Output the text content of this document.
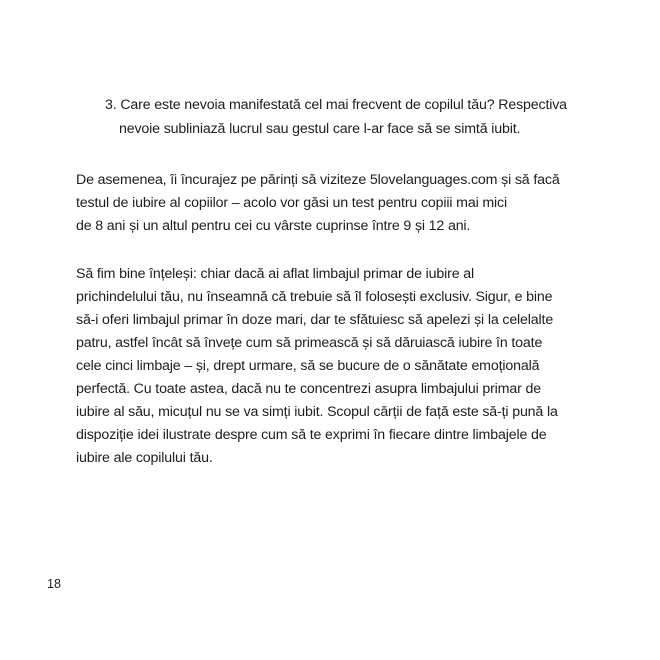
3. Care este nevoia manifestată cel mai frecvent de copilul tău? Respectiva
nevoie subliniază lucrul sau gestul care l-ar face să se simtă iubit.
De asemenea, îi încurajez pe părinți să viziteze 5lovelanguages.com și să facă
testul de iubire al copiilor – acolo vor găsi un test pentru copiii mai mici
de 8 ani și un altul pentru cei cu vârste cuprinse între 9 și 12 ani.
Să fim bine înțeleși: chiar dacă ai aflat limbajul primar de iubire al
prichindelului tău, nu înseamnă că trebuie să îl folosești exclusiv. Sigur, e bine
să-i oferi limbajul primar în doze mari, dar te sfătuiesc să apelezi și la celelalte
patru, astfel încât să învețe cum să primească și să dăruiască iubire în toate
cele cinci limbaje – și, drept urmare, să se bucure de o sănătate emoțională
perfectă. Cu toate astea, dacă nu te concentrezi asupra limbajului primar de
iubire al său, micuțul nu se va simți iubit. Scopul cărții de față este să-ți pună la
dispoziție idei ilustrate despre cum să te exprimi în fiecare dintre limbajele de
iubire ale copilului tău.
18
